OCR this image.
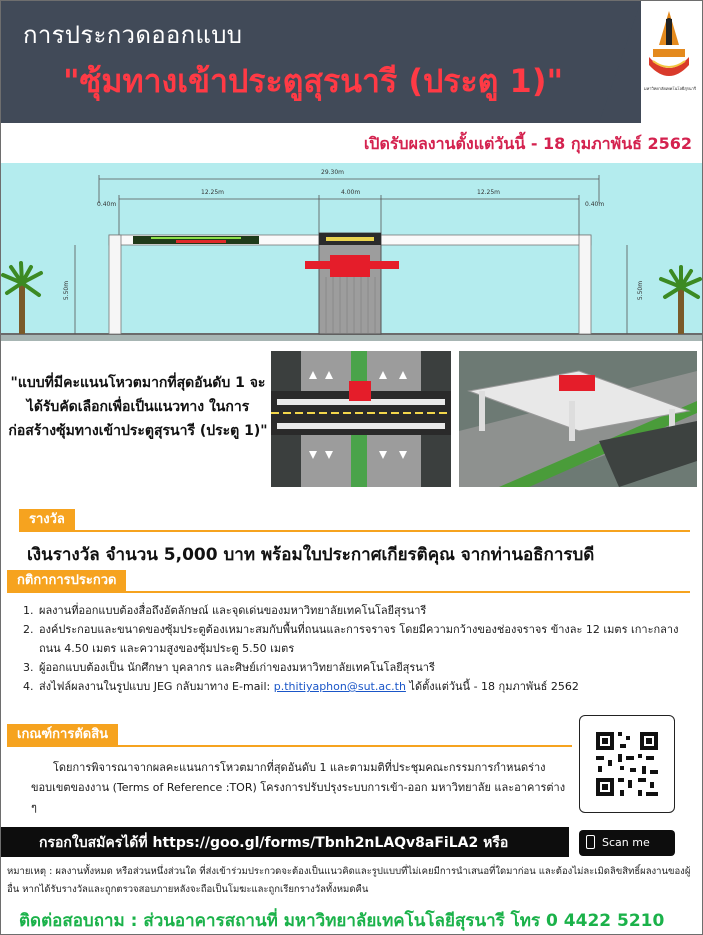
การประกวดออกแบบ
"ซุ้มทางเข้าประตูสุรนารี (ประตู 1)"	มหาวิทยาลัยเทคโนโลยีสุรนารี
เปิดรับผลงานตั้งแต่วันนี้ - 18 กุมภาพันธ์ 2562
29.30m
12.25m	4.00m	12.25m
0.40m	0.40m
5.50m	5.50m
"แบบที่มีคะแนนโหวตมากที่สุดอันดับ 1 จะได้รับคัดเลือกเพื่อเป็นแนวทาง ในการก่อสร้างซุ้มทางเข้าประตูสุรนารี (ประตู 1)"
รางวัล
เงินรางวัล จำนวน 5,000 บาท พร้อมใบประกาศเกียรติคุณ จากท่านอธิการบดี
กติกาการประกวด
1. ผลงานที่ออกแบบต้องสื่อถึงอัตลักษณ์ และจุดเด่นของมหาวิทยาลัยเทคโนโลยีสุรนารี
2. องค์ประกอบและขนาดของซุ้มประตูต้องเหมาะสมกับพื้นที่ถนนและการจราจร โดยมีความกว้างของช่องจราจร ข้างละ 12 เมตร เกาะกลางถนน 4.50 เมตร และความสูงของซุ้มประตู 5.50 เมตร
3. ผู้ออกแบบต้องเป็น นักศึกษา บุคลากร และศิษย์เก่าของมหาวิทยาลัยเทคโนโลยีสุรนารี
4. ส่งไฟล์ผลงานในรูปแบบ JEG กลับมาทาง E-mail: p.thitiyaphon@sut.ac.th ได้ตั้งแต่วันนี้ - 18 กุมภาพันธ์ 2562
เกณฑ์การตัดสิน
โดยการพิจารณาจากผลคะแนนการโหวตมากที่สุดอันดับ 1 และตามมติที่ประชุมคณะกรรมการกำหนดร่างขอบเขตของงาน (Terms of Reference :TOR) โครงการปรับปรุงระบบการเข้า-ออก มหาวิทยาลัย และอาคารต่าง ๆ
กรอกใบสมัครได้ที่ https://goo.gl/forms/Tbnh2nLAQv8aFiLA2 หรือ	Scan me
หมายเหตุ : ผลงานทั้งหมด หรือส่วนหนึ่งส่วนใด ที่ส่งเข้าร่วมประกวดจะต้องเป็นแนวคิดและรูปแบบที่ไม่เคยมีการนำเสนอที่ใดมาก่อน และต้องไม่ละเมิดลิขสิทธิ์ผลงานของผู้อื่น หากได้รับรางวัลและถูกตรวจสอบภายหลังจะถือเป็นโมฆะและถูกเรียกรางวัลทั้งหมดคืน
ติดต่อสอบถาม : ส่วนอาคารสถานที่ มหาวิทยาลัยเทคโนโลยีสุรนารี โทร 0 4422 5210
